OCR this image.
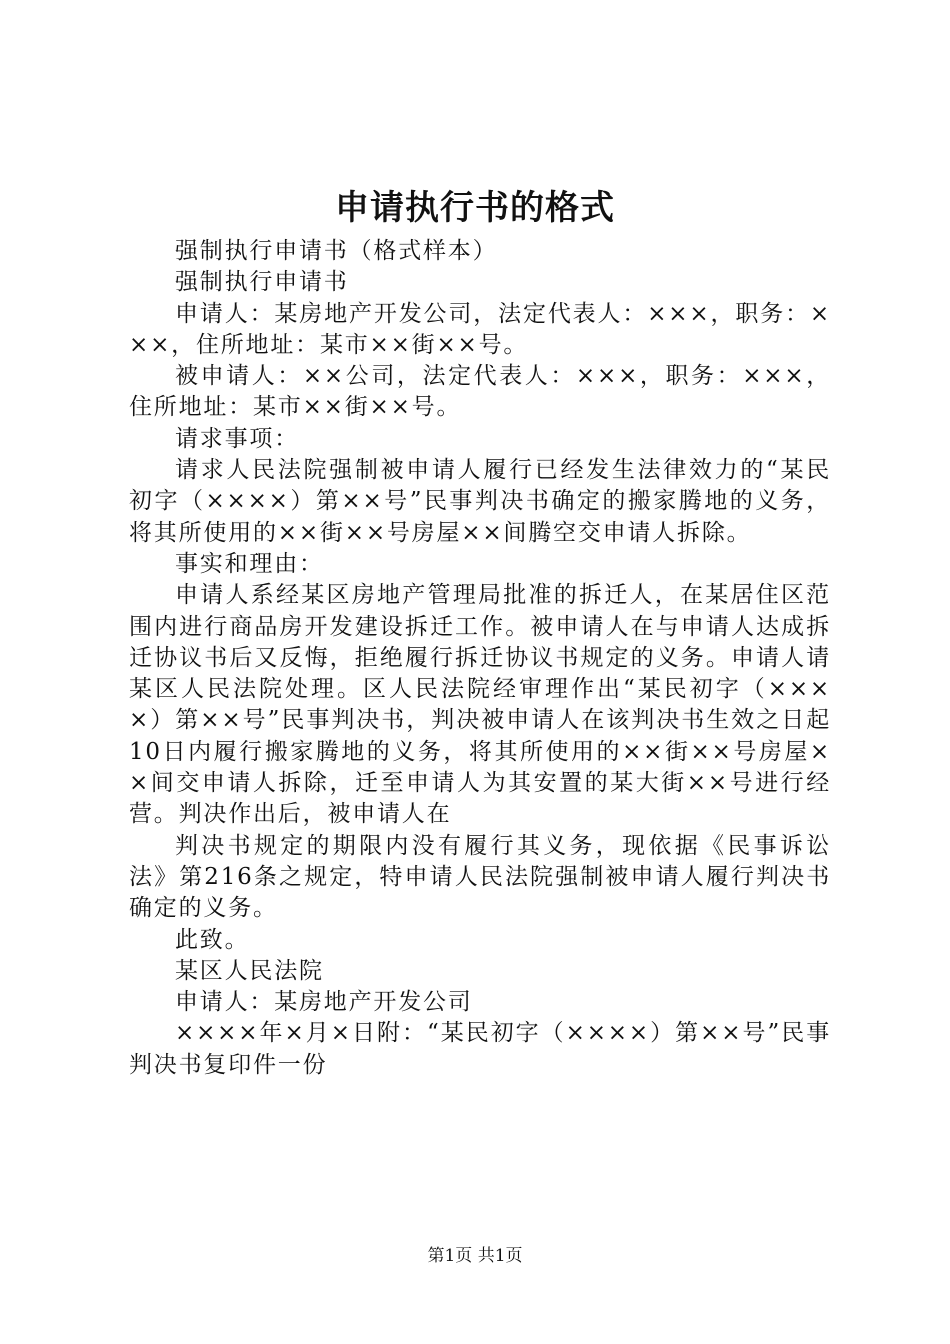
申请执行书的格式

强制执行申请书（格式样本）

强制执行申请书

申请人：某房地产开发公司，法定代表人：×××，职务：×××，住所地址：某市××街××号。

被申请人：××公司，法定代表人：×××，职务：×××，住所地址：某市××街××号。

请求事项：

请求人民法院强制被申请人履行已经发生法律效力的“某民初字（××××）第××号”民事判决书确定的搬家腾地的义务，将其所使用的××街××号房屋××间腾空交申请人拆除。

事实和理由：

申请人系经某区房地产管理局批准的拆迁人，在某居住区范围内进行商品房开发建设拆迁工作。被申请人在与申请人达成拆迁协议书后又反悔，拒绝履行拆迁协议书规定的义务。申请人请某区人民法院处理。区人民法院经审理作出“某民初字（××××）第××号”民事判决书，判决被申请人在该判决书生效之日起10日内履行搬家腾地的义务，将其所使用的××街××号房屋××间交申请人拆除，迁至申请人为其安置的某大街××号进行经营。判决作出后，被申请人在

判决书规定的期限内没有履行其义务，现依据《民事诉讼法》第216条之规定，特申请人民法院强制被申请人履行判决书确定的义务。

此致。

某区人民法院

申请人：某房地产开发公司

××××年×月×日附：“某民初字（××××）第××号”民事判决书复印件一份

第1页 共1页
